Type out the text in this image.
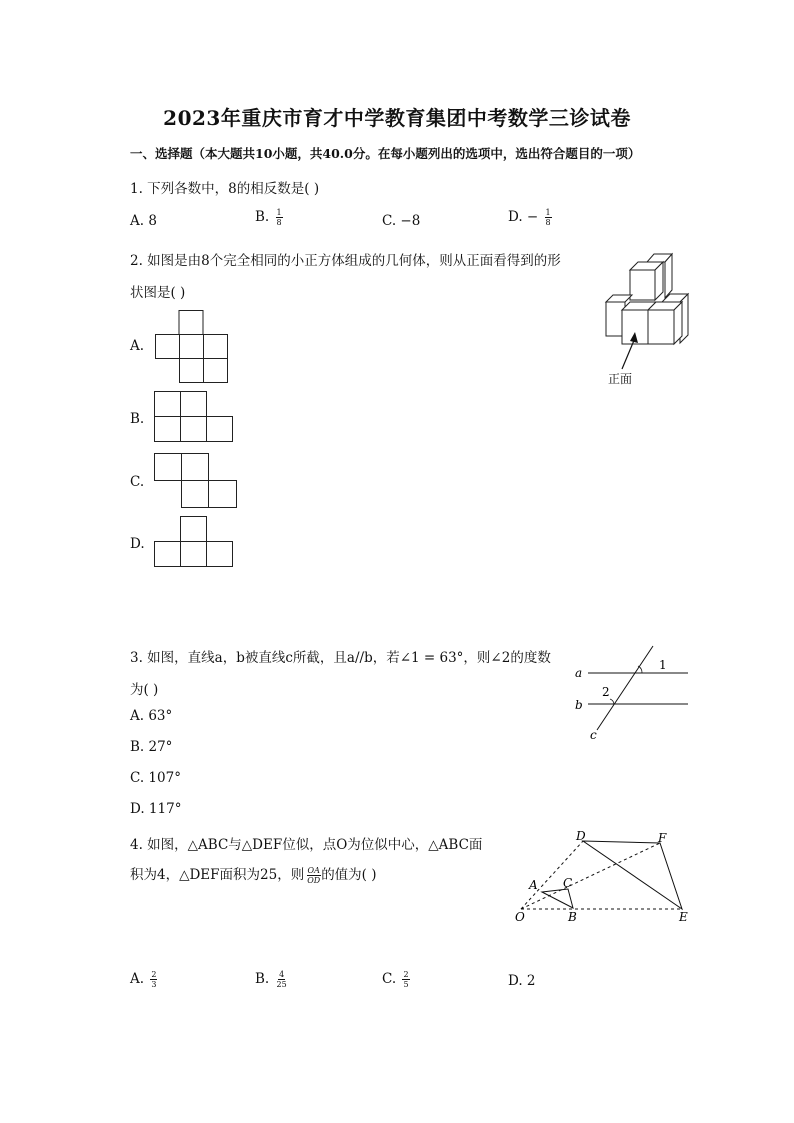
2023年重庆市育才中学教育集团中考数学三诊试卷
一、选择题（本大题共10小题，共40.0分。在每小题列出的选项中，选出符合题目的一项）
1. 下列各数中，8的相反数是( )
A. 8	B. $\frac{1}{8}$	C. −8	D. − $\frac{1}{8}$
2. 如图是由8个完全相同的小正方体组成的几何体，则从正面看得到的形
状图是( )
正面
A.
B.
C.
D.
3. 如图，直线a，b被直线c所截，且a//b，若∠1 = 63°，则∠2的度数
为( )
A. 63°
B. 27°
C. 107°
D. 117°
a
b
c
1
2
4. 如图，△ABC与△DEF位似，点O为位似中心，△ABC面
积为4，△DEF面积为25，则 $\frac{OA}{OD}$ 的值为( )
D	F
A C
O	B	E
A. $\frac{2}{3}$	B. $\frac{4}{25}$	C. $\frac{2}{5}$	D. 2
